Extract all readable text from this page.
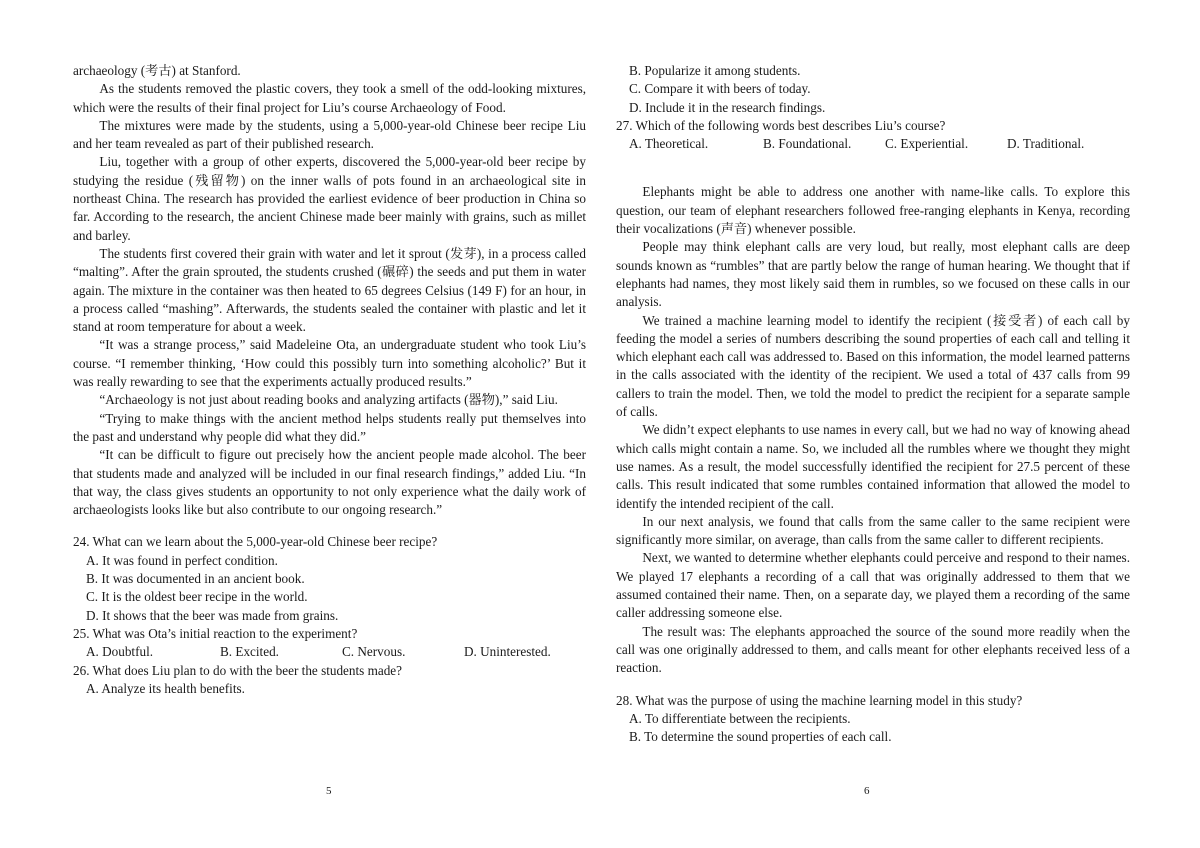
archaeology (考古) at Stanford.

As the students removed the plastic covers, they took a smell of the odd-looking mixtures, which were the results of their final project for Liu’s course Archaeology of Food.

The mixtures were made by the students, using a 5,000-year-old Chinese beer recipe Liu and her team revealed as part of their published research.

Liu, together with a group of other experts, discovered the 5,000-year-old beer recipe by studying the residue (残留物) on the inner walls of pots found in an archaeological site in northeast China. The research has provided the earliest evidence of beer production in China so far. According to the research, the ancient Chinese made beer mainly with grains, such as millet and barley.

The students first covered their grain with water and let it sprout (发芽), in a process called “malting”. After the grain sprouted, the students crushed (碾碎) the seeds and put them in water again. The mixture in the container was then heated to 65 degrees Celsius (149 F) for an hour, in a process called “mashing”. Afterwards, the students sealed the container with plastic and let it stand at room temperature for about a week.

“It was a strange process,” said Madeleine Ota, an undergraduate student who took Liu’s course. “I remember thinking, ‘How could this possibly turn into something alcoholic?’ But it was really rewarding to see that the experiments actually produced results.”

“Archaeology is not just about reading books and analyzing artifacts (器物),” said Liu.

“Trying to make things with the ancient method helps students really put themselves into the past and understand why people did what they did.”

“It can be difficult to figure out precisely how the ancient people made alcohol. The beer that students made and analyzed will be included in our final research findings,” added Liu. “In that way, the class gives students an opportunity to not only experience what the daily work of archaeologists looks like but also contribute to our ongoing research.”

24. What can we learn about the 5,000-year-old Chinese beer recipe?

A. It was found in perfect condition.

B. It was documented in an ancient book.

C. It is the oldest beer recipe in the world.

D. It shows that the beer was made from grains.

25. What was Ota’s initial reaction to the experiment?

A. Doubtful.	B. Excited.	C. Nervous.	D. Uninterested.

26. What does Liu plan to do with the beer the students made?

A. Analyze its health benefits.

5

B. Popularize it among students.

C. Compare it with beers of today.

D. Include it in the research findings.

27. Which of the following words best describes Liu’s course?

A. Theoretical.	B. Foundational.	C. Experiential.	D. Traditional.

Elephants might be able to address one another with name-like calls. To explore this question, our team of elephant researchers followed free-ranging elephants in Kenya, recording their vocalizations (声音) whenever possible.

People may think elephant calls are very loud, but really, most elephant calls are deep sounds known as “rumbles” that are partly below the range of human hearing. We thought that if elephants had names, they most likely said them in rumbles, so we focused on these calls in our analysis.

We trained a machine learning model to identify the recipient (接受者) of each call by feeding the model a series of numbers describing the sound properties of each call and telling it which elephant each call was addressed to. Based on this information, the model learned patterns in the calls associated with the identity of the recipient. We used a total of 437 calls from 99 callers to train the model. Then, we told the model to predict the recipient for a separate sample of calls.

We didn’t expect elephants to use names in every call, but we had no way of knowing ahead which calls might contain a name. So, we included all the rumbles where we thought they might use names. As a result, the model successfully identified the recipient for 27.5 percent of these calls. This result indicated that some rumbles contained information that allowed the model to identify the intended recipient of the call.

In our next analysis, we found that calls from the same caller to the same recipient were significantly more similar, on average, than calls from the same caller to different recipients.

Next, we wanted to determine whether elephants could perceive and respond to their names. We played 17 elephants a recording of a call that was originally addressed to them that we assumed contained their name. Then, on a separate day, we played them a recording of the same caller addressing someone else.

The result was: The elephants approached the source of the sound more readily when the call was one originally addressed to them, and calls meant for other elephants received less of a reaction.

28. What was the purpose of using the machine learning model in this study?

A. To differentiate between the recipients.

B. To determine the sound properties of each call.

6
